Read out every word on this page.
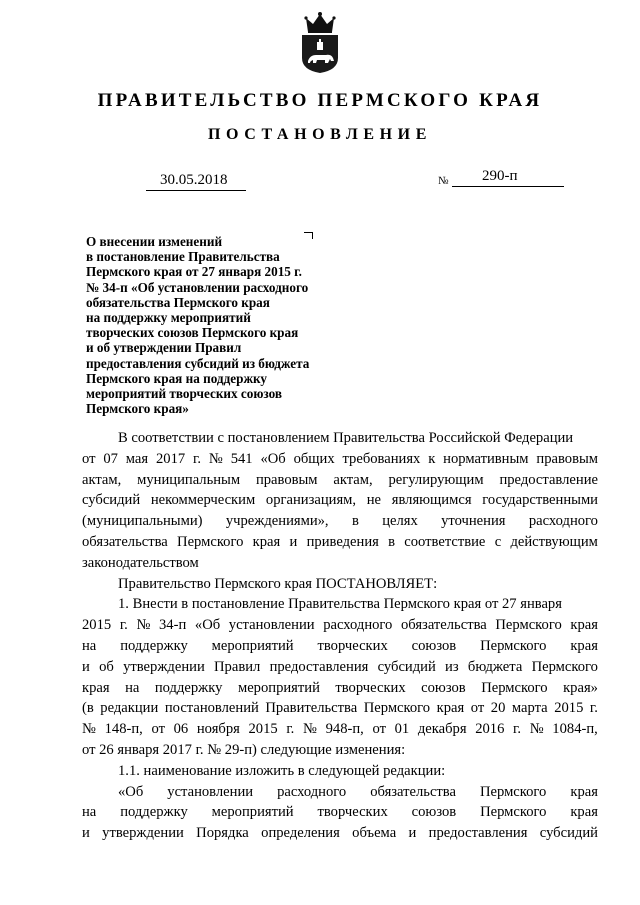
ПРАВИТЕЛЬСТВО ПЕРМСКОГО КРАЯ
ПОСТАНОВЛЕНИЕ
30.05.2018	№ 290-п
О внесении изменений
в постановление Правительства
Пермского края от 27 января 2015 г.
№ 34-п «Об установлении расходного
обязательства Пермского края
на поддержку мероприятий
творческих союзов Пермского края
и об утверждении Правил
предоставления субсидий из бюджета
Пермского края на поддержку
мероприятий творческих союзов
Пермского края»
В соответствии с постановлением Правительства Российской Федерации
от 07 мая 2017 г. № 541 «Об общих требованиях к нормативным правовым
актам, муниципальным правовым актам, регулирующим предоставление
субсидий некоммерческим организациям, не являющимся государственными
(муниципальными) учреждениями», в целях уточнения расходного
обязательства Пермского края и приведения в соответствие с действующим
законодательством
Правительство Пермского края ПОСТАНОВЛЯЕТ:
1. Внести в постановление Правительства Пермского края от 27 января
2015 г. № 34-п «Об установлении расходного обязательства Пермского края
на поддержку мероприятий творческих союзов Пермского края
и об утверждении Правил предоставления субсидий из бюджета Пермского
края на поддержку мероприятий творческих союзов Пермского края»
(в редакции постановлений Правительства Пермского края от 20 марта 2015 г.
№ 148-п, от 06 ноября 2015 г. № 948-п, от 01 декабря 2016 г. № 1084-п,
от 26 января 2017 г. № 29-п) следующие изменения:
1.1. наименование изложить в следующей редакции:
«Об установлении расходного обязательства Пермского края
на поддержку мероприятий творческих союзов Пермского края
и утверждении Порядка определения объема и предоставления субсидий
